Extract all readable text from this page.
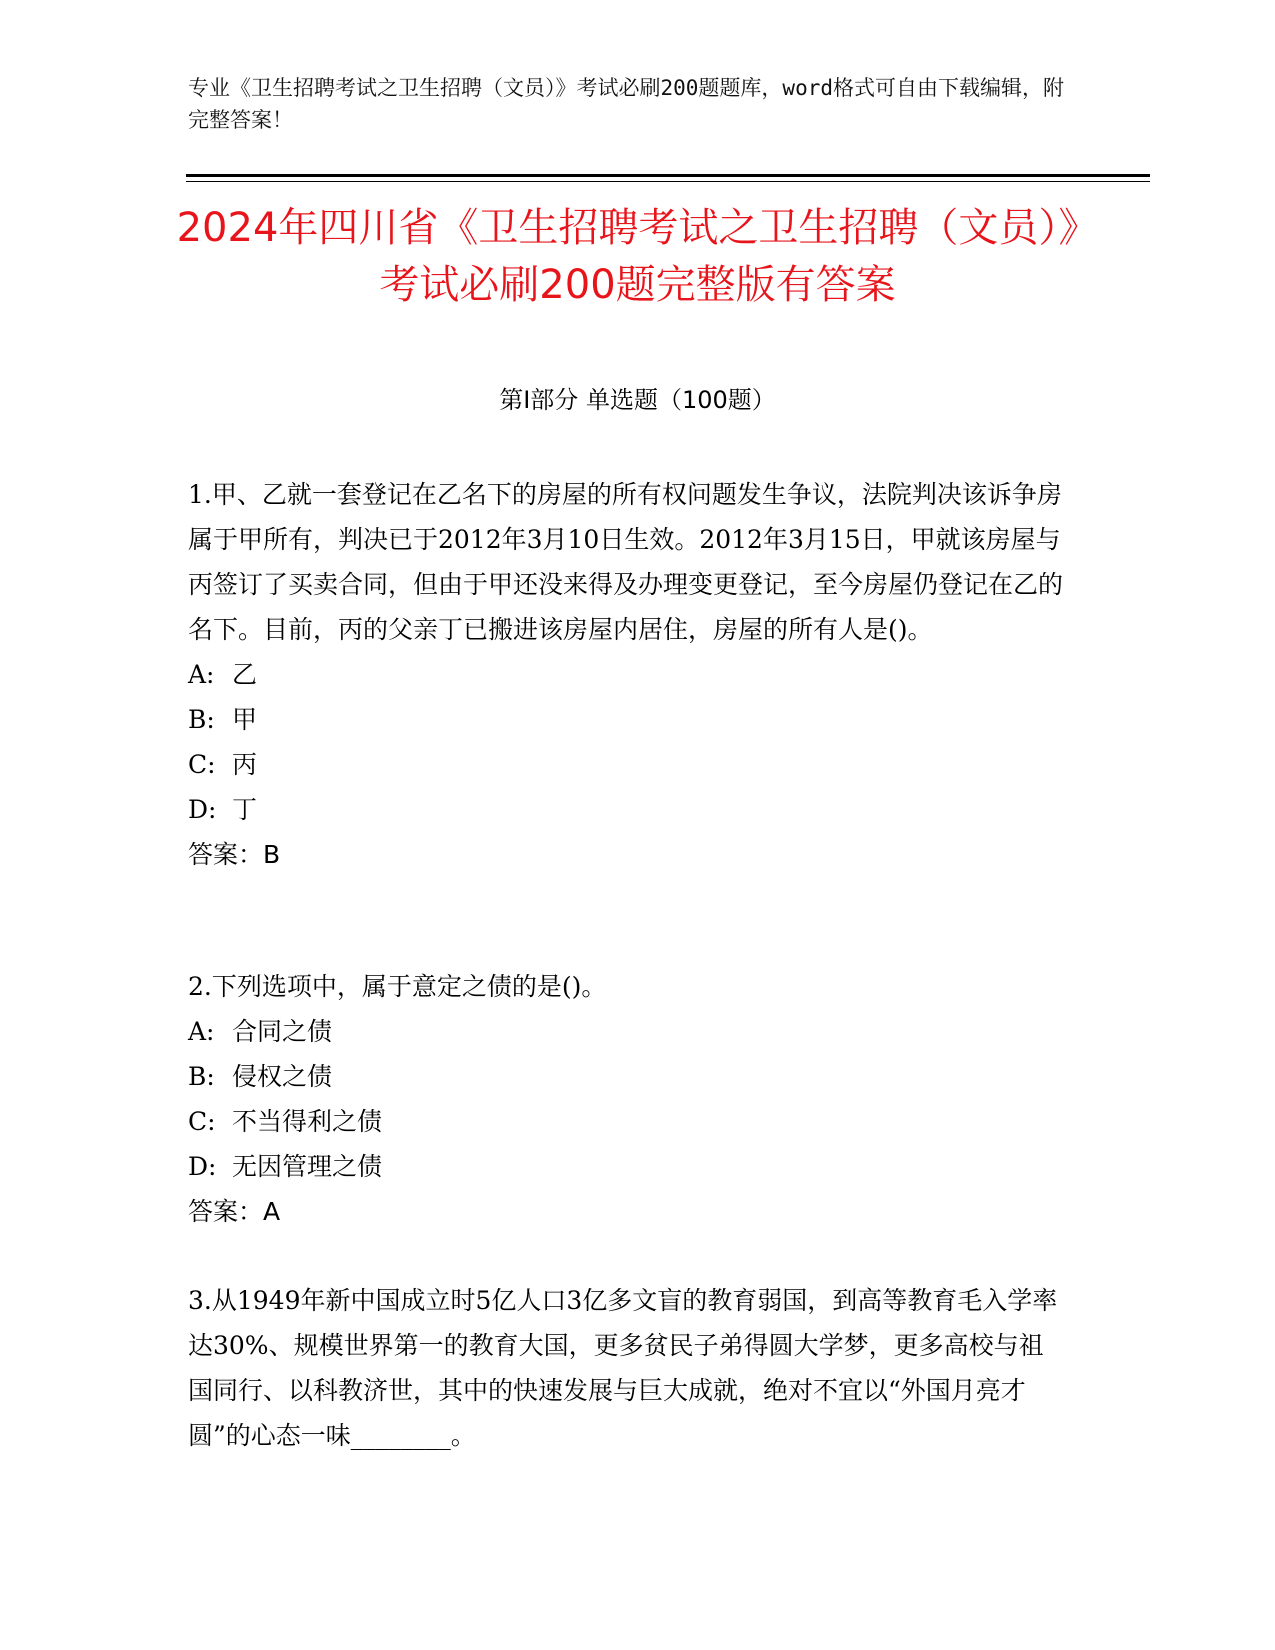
专业《卫生招聘考试之卫生招聘（文员）》考试必刷200题题库，word格式可自由下载编辑，附完整答案！
2024年四川省《卫生招聘考试之卫生招聘（文员）》考试必刷200题完整版有答案
第Ⅰ部分 单选题（100题）

1.甲、乙就一套登记在乙名下的房屋的所有权问题发生争议，法院判决该诉争房属于甲所有，判决已于2012年3月10日生效。2012年3月15日，甲就该房屋与丙签订了买卖合同，但由于甲还没来得及办理变更登记，至今房屋仍登记在乙的名下。目前，丙的父亲丁已搬进该房屋内居住，房屋的所有人是()。

A: 乙
B: 甲
C: 丙
D: 丁

答案：B

2.下列选项中，属于意定之债的是()。

A: 合同之债
B: 侵权之债
C: 不当得利之债
D: 无因管理之债

答案：A

3.从1949年新中国成立时5亿人口3亿多文盲的教育弱国，到高等教育毛入学率达30%、规模世界第一的教育大国，更多贫民子弟得圆大学梦，更多高校与祖国同行、以科教济世，其中的快速发展与巨大成就，绝对不宜以“外国月亮才圆”的心态一味________。
